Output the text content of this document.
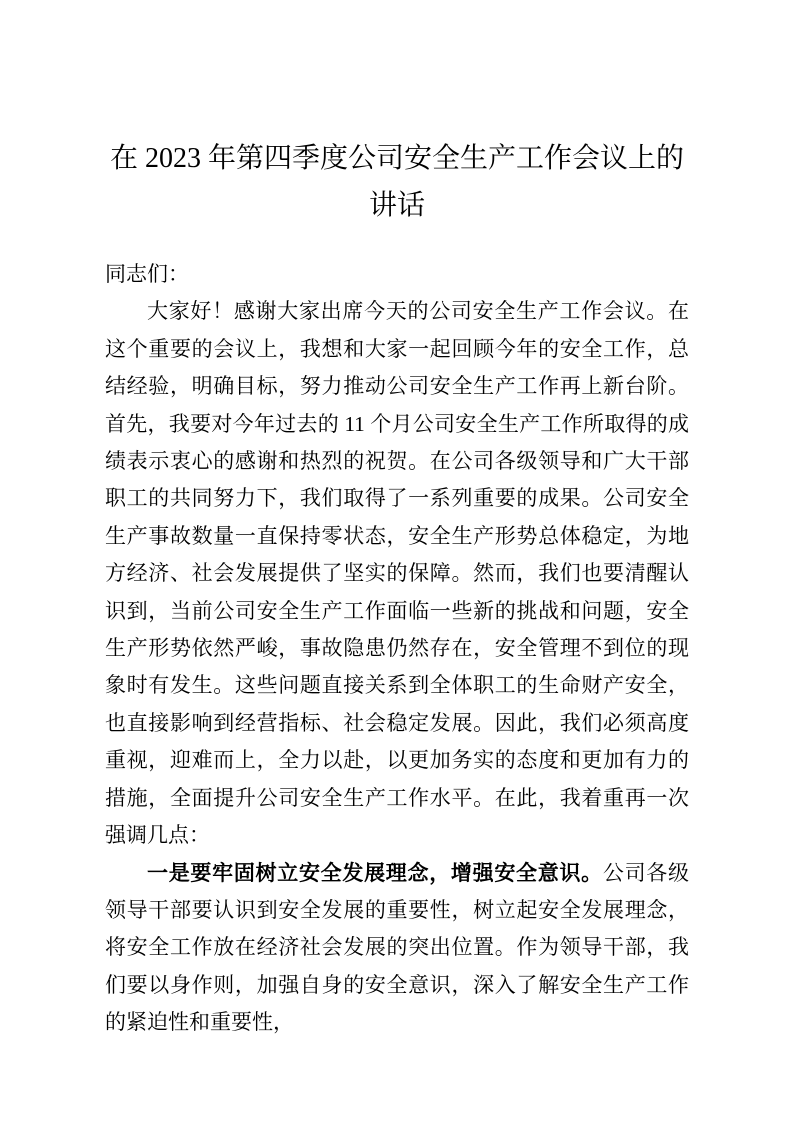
在 2023 年第四季度公司安全生产工作会议上的
讲话

同志们：

大家好！感谢大家出席今天的公司安全生产工作会议。在这个重要的会议上，我想和大家一起回顾今年的安全工作，总结经验，明确目标，努力推动公司安全生产工作再上新台阶。首先，我要对今年过去的 11 个月公司安全生产工作所取得的成绩表示衷心的感谢和热烈的祝贺。在公司各级领导和广大干部职工的共同努力下，我们取得了一系列重要的成果。公司安全生产事故数量一直保持零状态，安全生产形势总体稳定，为地方经济、社会发展提供了坚实的保障。然而，我们也要清醒认识到，当前公司安全生产工作面临一些新的挑战和问题，安全生产形势依然严峻，事故隐患仍然存在，安全管理不到位的现象时有发生。这些问题直接关系到全体职工的生命财产安全，也直接影响到经营指标、社会稳定发展。因此，我们必须高度重视，迎难而上，全力以赴，以更加务实的态度和更加有力的措施，全面提升公司安全生产工作水平。在此，我着重再一次强调几点：

一是要牢固树立安全发展理念，增强安全意识。公司各级领导干部要认识到安全发展的重要性，树立起安全发展理念，将安全工作放在经济社会发展的突出位置。作为领导干部，我们要以身作则，加强自身的安全意识，深入了解安全生产工作的紧迫性和重要性，
